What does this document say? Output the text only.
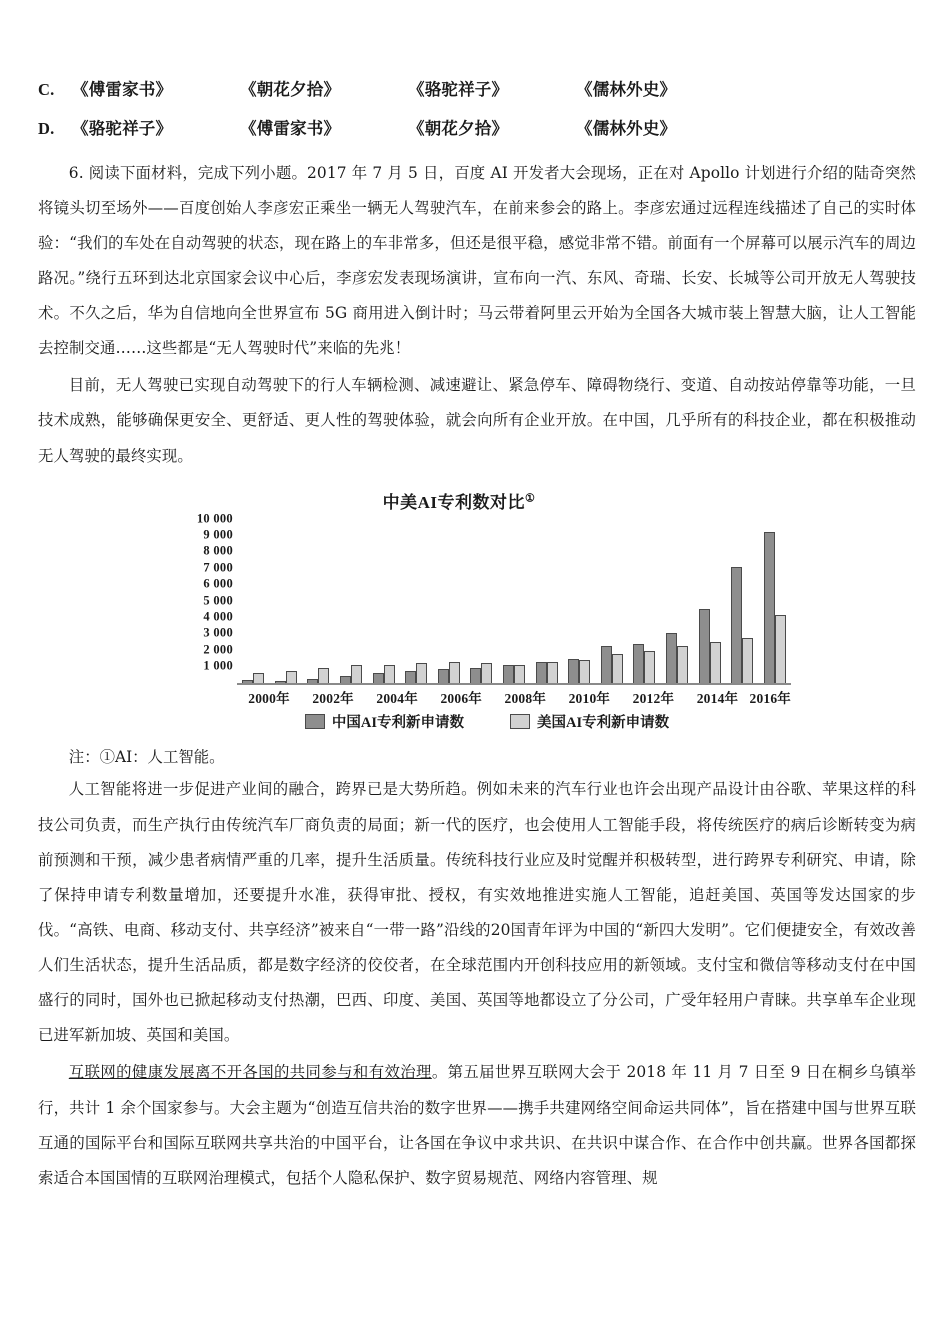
C.	《傅雷家书》	《朝花夕拾》	《骆驼祥子》	《儒林外史》
D.	《骆驼祥子》	《傅雷家书》	《朝花夕拾》	《儒林外史》

6. 阅读下面材料，完成下列小题。2017 年 7 月 5 日，百度 AI 开发者大会现场，正在对 Apollo 计划进行介绍的陆奇突然将镜头切至场外——百度创始人李彦宏正乘坐一辆无人驾驶汽车，在前来参会的路上。李彦宏通过远程连线描述了自己的实时体验：“我们的车处在自动驾驶的状态，现在路上的车非常多，但还是很平稳，感觉非常不错。前面有一个屏幕可以展示汽车的周边路况。”绕行五环到达北京国家会议中心后，李彦宏发表现场演讲，宣布向一汽、东风、奇瑞、长安、长城等公司开放无人驾驶技术。不久之后，华为自信地向全世界宣布 5G 商用进入倒计时；马云带着阿里云开始为全国各大城市装上智慧大脑，让人工智能去控制交通……这些都是“无人驾驶时代”来临的先兆！

目前，无人驾驶已实现自动驾驶下的行人车辆检测、减速避让、紧急停车、障碍物绕行、变道、自动按站停靠等功能，一旦技术成熟，能够确保更安全、更舒适、更人性的驾驶体验，就会向所有企业开放。在中国，几乎所有的科技企业，都在积极推动无人驾驶的最终实现。

中美AI专利数对比①
10 000
9 000
8 000
7 000
6 000
5 000
4 000
3 000
2 000
1 000
2000年	2002年	2004年	2006年	2008年	2010年	2012年	2014年 2016年
中国AI专利新申请数	美国AI专利新申请数

注：①AI：人工智能。

人工智能将进一步促进产业间的融合，跨界已是大势所趋。例如未来的汽车行业也许会出现产品设计由谷歌、苹果这样的科技公司负责，而生产执行由传统汽车厂商负责的局面；新一代的医疗，也会使用人工智能手段，将传统医疗的病后诊断转变为病前预测和干预，减少患者病情严重的几率，提升生活质量。传统科技行业应及时觉醒并积极转型，进行跨界专利研究、申请，除了保持申请专利数量增加，还要提升水准，获得审批、授权，有实效地推进实施人工智能，追赶美国、英国等发达国家的步伐。“高铁、电商、移动支付、共享经济”被来自“一带一路”沿线的20国青年评为中国的“新四大发明”。它们便捷安全，有效改善人们生活状态，提升生活品质，都是数字经济的佼佼者，在全球范围内开创科技应用的新领域。支付宝和微信等移动支付在中国盛行的同时，国外也已掀起移动支付热潮，巴西、印度、美国、英国等地都设立了分公司，广受年轻用户青睐。共享单车企业现已进军新加坡、英国和美国。

互联网的健康发展离不开各国的共同参与和有效治理。第五届世界互联网大会于 2018 年 11 月 7 日至 9 日在桐乡乌镇举行，共计 1 余个国家参与。大会主题为“创造互信共治的数字世界——携手共建网络空间命运共同体”，旨在搭建中国与世界互联互通的国际平台和国际互联网共享共治的中国平台，让各国在争议中求共识、在共识中谋合作、在合作中创共赢。世界各国都探索适合本国国情的互联网治理模式，包括个人隐私保护、数字贸易规范、网络内容管理、规
